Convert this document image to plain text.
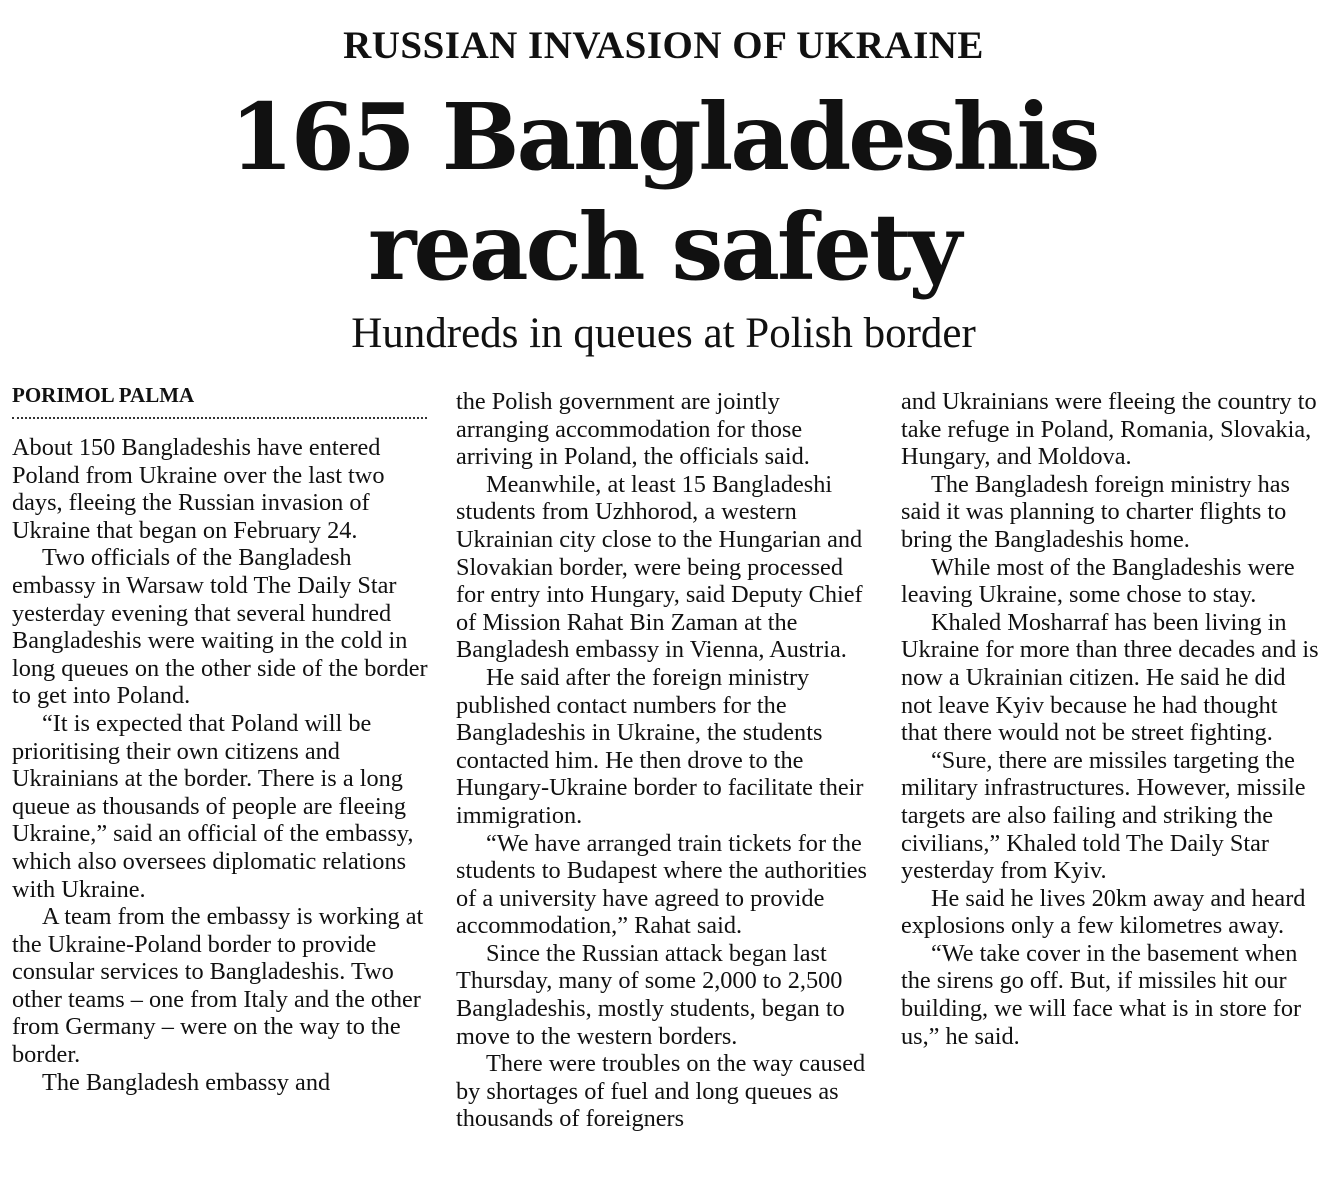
RUSSIAN INVASION OF UKRAINE
165 Bangladeshis
reach safety
Hundreds in queues at Polish border
PORIMOL PALMA

About 150 Bangladeshis have entered Poland from Ukraine over the last two days, fleeing the Russian invasion of Ukraine that began on February 24.

Two officials of the Bangladesh embassy in Warsaw told The Daily Star yesterday evening that several hundred Bangladeshis were waiting in the cold in long queues on the other side of the border to get into Poland.

“It is expected that Poland will be prioritising their own citizens and Ukrainians at the border. There is a long queue as thousands of people are fleeing Ukraine,” said an official of the embassy, which also oversees diplomatic relations with Ukraine.

A team from the embassy is working at the Ukraine-Poland border to provide consular services to Bangladeshis. Two other teams – one from Italy and the other from Germany – were on the way to the border.

The Bangladesh embassy and

the Polish government are jointly arranging accommodation for those arriving in Poland, the officials said.

Meanwhile, at least 15 Bangladeshi students from Uzhhorod, a western Ukrainian city close to the Hungarian and Slovakian border, were being processed for entry into Hungary, said Deputy Chief of Mission Rahat Bin Zaman at the Bangladesh embassy in Vienna, Austria.

He said after the foreign ministry published contact numbers for the Bangladeshis in Ukraine, the students contacted him. He then drove to the Hungary-Ukraine border to facilitate their immigration.

“We have arranged train tickets for the students to Budapest where the authorities of a university have agreed to provide accommodation,” Rahat said.

Since the Russian attack began last Thursday, many of some 2,000 to 2,500 Bangladeshis, mostly students, began to move to the western borders.

There were troubles on the way caused by shortages of fuel and long queues as thousands of foreigners

and Ukrainians were fleeing the country to take refuge in Poland, Romania, Slovakia, Hungary, and Moldova.

The Bangladesh foreign ministry has said it was planning to charter flights to bring the Bangladeshis home.

While most of the Bangladeshis were leaving Ukraine, some chose to stay.

Khaled Mosharraf has been living in Ukraine for more than three decades and is now a Ukrainian citizen. He said he did not leave Kyiv because he had thought that there would not be street fighting.

“Sure, there are missiles targeting the military infrastructures. However, missile targets are also failing and striking the civilians,” Khaled told The Daily Star yesterday from Kyiv.

He said he lives 20km away and heard explosions only a few kilometres away.

“We take cover in the basement when the sirens go off. But, if missiles hit our building, we will face what is in store for us,” he said.
